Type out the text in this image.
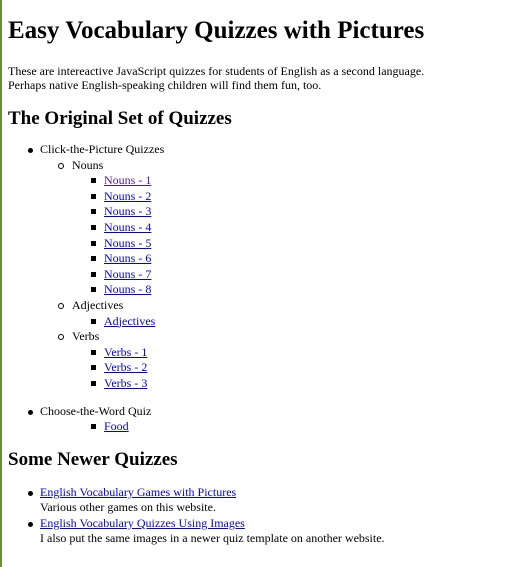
Easy Vocabulary Quizzes with Pictures

These are intereactive JavaScript quizzes for students of English as a second language.
Perhaps native English-speaking children will find them fun, too.

The Original Set of Quizzes
Click-the-Picture Quizzes
Nouns
Nouns - 1
Nouns - 2
Nouns - 3
Nouns - 4
Nouns - 5
Nouns - 6
Nouns - 7
Nouns - 8
Adjectives
Adjectives
Verbs
Verbs - 1
Verbs - 2
Verbs - 3
Choose-the-Word Quiz
Food
Some Newer Quizzes
English Vocabulary Games with Pictures
Various other games on this website.
English Vocabulary Quizzes Using Images
I also put the same images in a newer quiz template on another website.
